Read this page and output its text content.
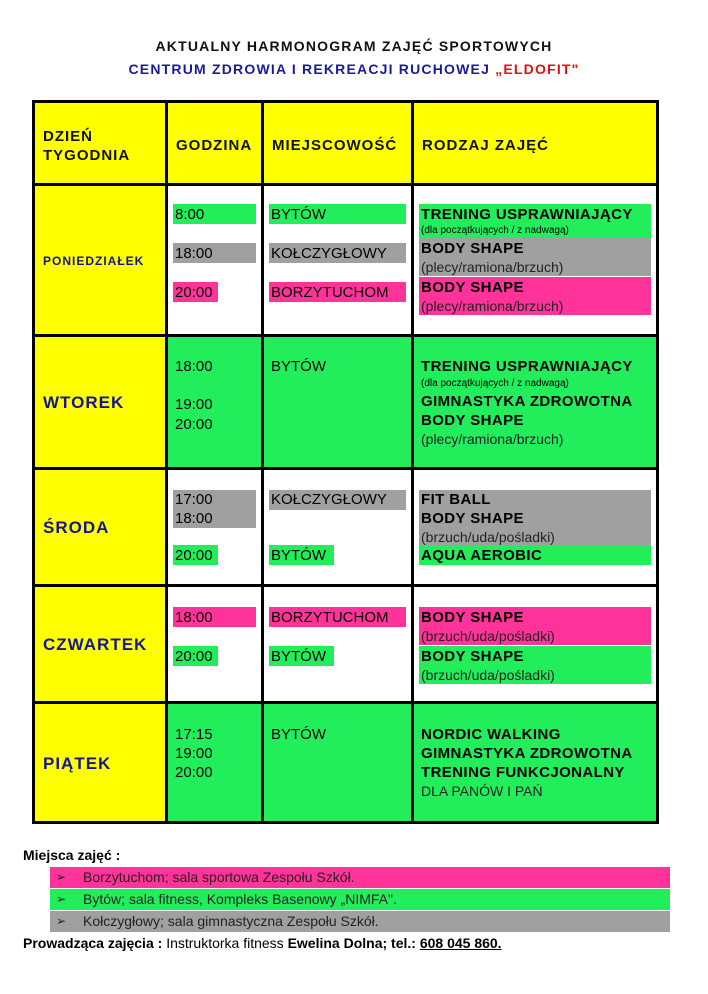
AKTUALNY HARMONOGRAM ZAJĘĆ SPORTOWYCH
CENTRUM ZDROWIA I REKREACJI RUCHOWEJ „ELDOFIT"
DZIEŃ
TYGODNIA
GODZINA MIEJSCOWOŚĆ RODZAJ ZAJĘĆ
PONIEDZIAŁEK
8:00
18:00
20:00
BYTÓW
KOŁCZYGŁOWY
BORZYTUCHOM
TRENING USPRAWNIAJĄCY
(dla początkujących / z nadwagą)
BODY SHAPE
(plecy/ramiona/brzuch)
BODY SHAPE
(plecy/ramiona/brzuch)
WTOREK
18:00
19:00
20:00
BYTÓW	TRENING USPRAWNIAJĄCY
(dla początkujących / z nadwagą)
GIMNASTYKA ZDROWOTNA
BODY SHAPE
(plecy/ramiona/brzuch)
ŚRODA
17:00
18:00
20:00
KOŁCZYGŁOWY
BYTÓW
FIT BALL
BODY SHAPE
(brzuch/uda/pośladki)
AQUA AEROBIC
CZWARTEK
18:00
20:00
BORZYTUCHOM
BYTÓW
BODY SHAPE
(brzuch/uda/pośladki)
BODY SHAPE
(brzuch/uda/pośladki)
PIĄTEK
17:15
19:00
20:00
BYTÓW	NORDIC WALKING
GIMNASTYKA ZDROWOTNA
TRENING FUNKCJONALNY
DLA PANÓW I PAŃ
Miejsca zajęć :
➢ Borzytuchom; sala sportowa Zespołu Szkół.
➢ Bytów; sala fitness, Kompleks Basenowy „NIMFA".
➢ Kołczygłowy; sala gimnastyczna Zespołu Szkół.
Prowadząca zajęcia : Instruktorka fitness Ewelina Dolna; tel.: 608 045 860.
